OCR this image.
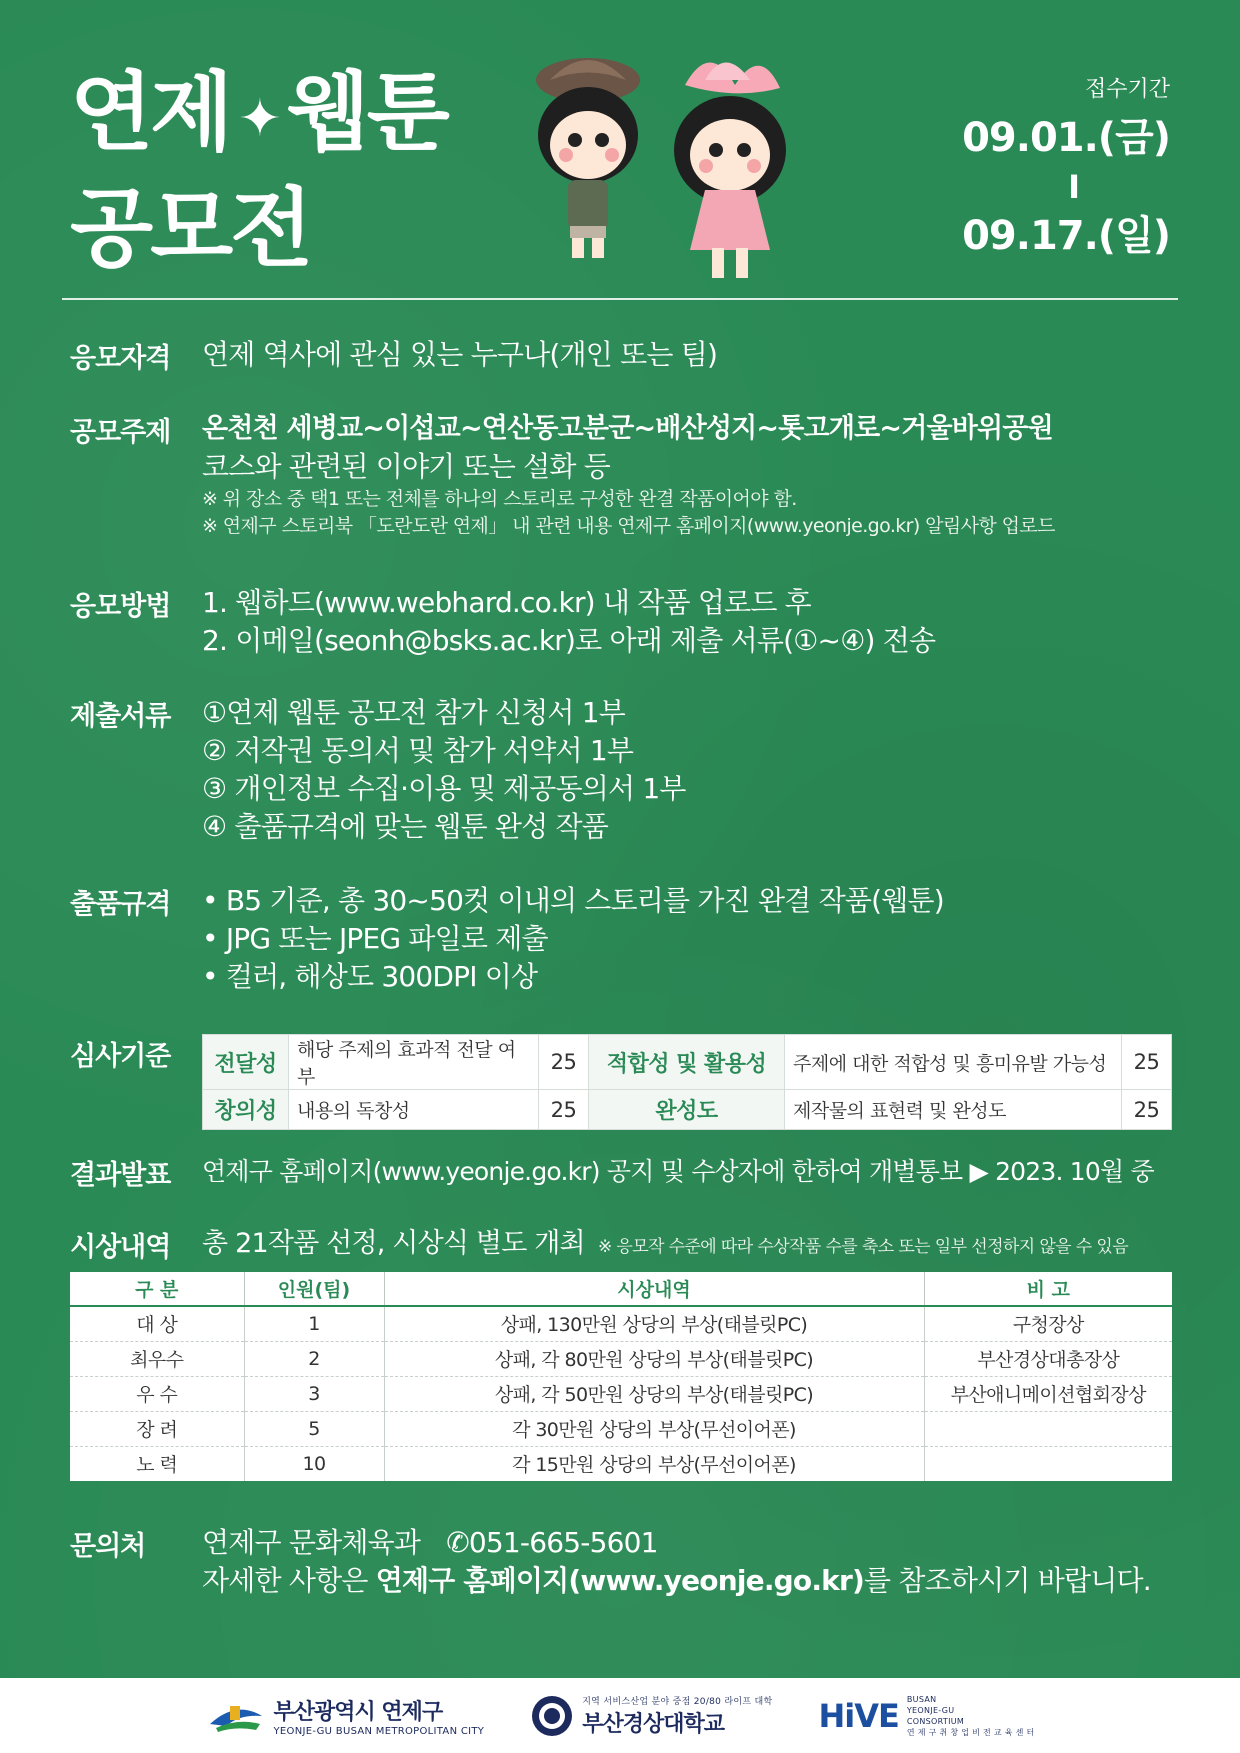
연제 ✦웹툰
공모전
접수기간
09.01.(금)
I
09.17.(일)
응모자격 연제 역사에 관심 있는 누구나(개인 또는 팀)
공모주제 온천천 세병교~이섭교~연산동고분군~배산성지~톳고개로~거울바위공원
코스와 관련된 이야기 또는 설화 등
※ 위 장소 중 택1 또는 전체를 하나의 스토리로 구성한 완결 작품이어야 함.
※ 연제구 스토리북 「도란도란 연제」 내 관련 내용 연제구 홈페이지(www.yeonje.go.kr) 알림사항 업로드
응모방법 1. 웹하드(www.webhard.co.kr) 내 작품 업로드 후
2. 이메일(seonh@bsks.ac.kr)로 아래 제출 서류(①~④) 전송
제출서류 ①연제 웹툰 공모전 참가 신청서 1부
② 저작권 동의서 및 참가 서약서 1부
③ 개인정보 수집·이용 및 제공동의서 1부
④ 출품규격에 맞는 웹툰 완성 작품
출품규격 • B5 기준, 총 30~50컷 이내의 스토리를 가진 완결 작품(웹툰)
• JPG 또는 JPEG 파일로 제출
• 컬러, 해상도 300DPI 이상
심사기준 전달성	해당 주제의 효과적 전달 여부	25	적합성 및 활용성	주제에 대한 적합성 및 흥미유발 가능성	25
창의성	내용의 독창성	25	완성도	제작물의 표현력 및 완성도	25
결과발표 연제구 홈페이지(www.yeonje.go.kr) 공지 및 수상자에 한하여 개별통보 ▶ 2023. 10월 중
시상내역 총 21작품 선정, 시상식 별도 개최 ※ 응모작 수준에 따라 수상작품 수를 축소 또는 일부 선정하지 않을 수 있음
구 분	인원(팀)	시상내역	비 고
대 상	1	상패, 130만원 상당의 부상(태블릿PC)	구청장상
최우수	2	상패, 각 80만원 상당의 부상(태블릿PC)	부산경상대총장상
우 수	3	상패, 각 50만원 상당의 부상(태블릿PC)	부산애니메이션협회장상
장 려	5	각 30만원 상당의 부상(무선이어폰)	
노 력	10	각 15만원 상당의 부상(무선이어폰)	
문의처 연제구 문화체육과 ✆051-665-5601
자세한 사항은 연제구 홈페이지(www.yeonje.go.kr)를 참조하시기 바랍니다.
부산광역시 연제구
YEONJE-GU BUSAN METROPOLITAN CITY
지역 서비스산업 분야 중점 20/80 라이프 대학
부산경상대학교	HiVE BUSAN
YEONJE-GU
CONSORTIUM
연 제 구 취 창 업 비 전 교 육 센 터
